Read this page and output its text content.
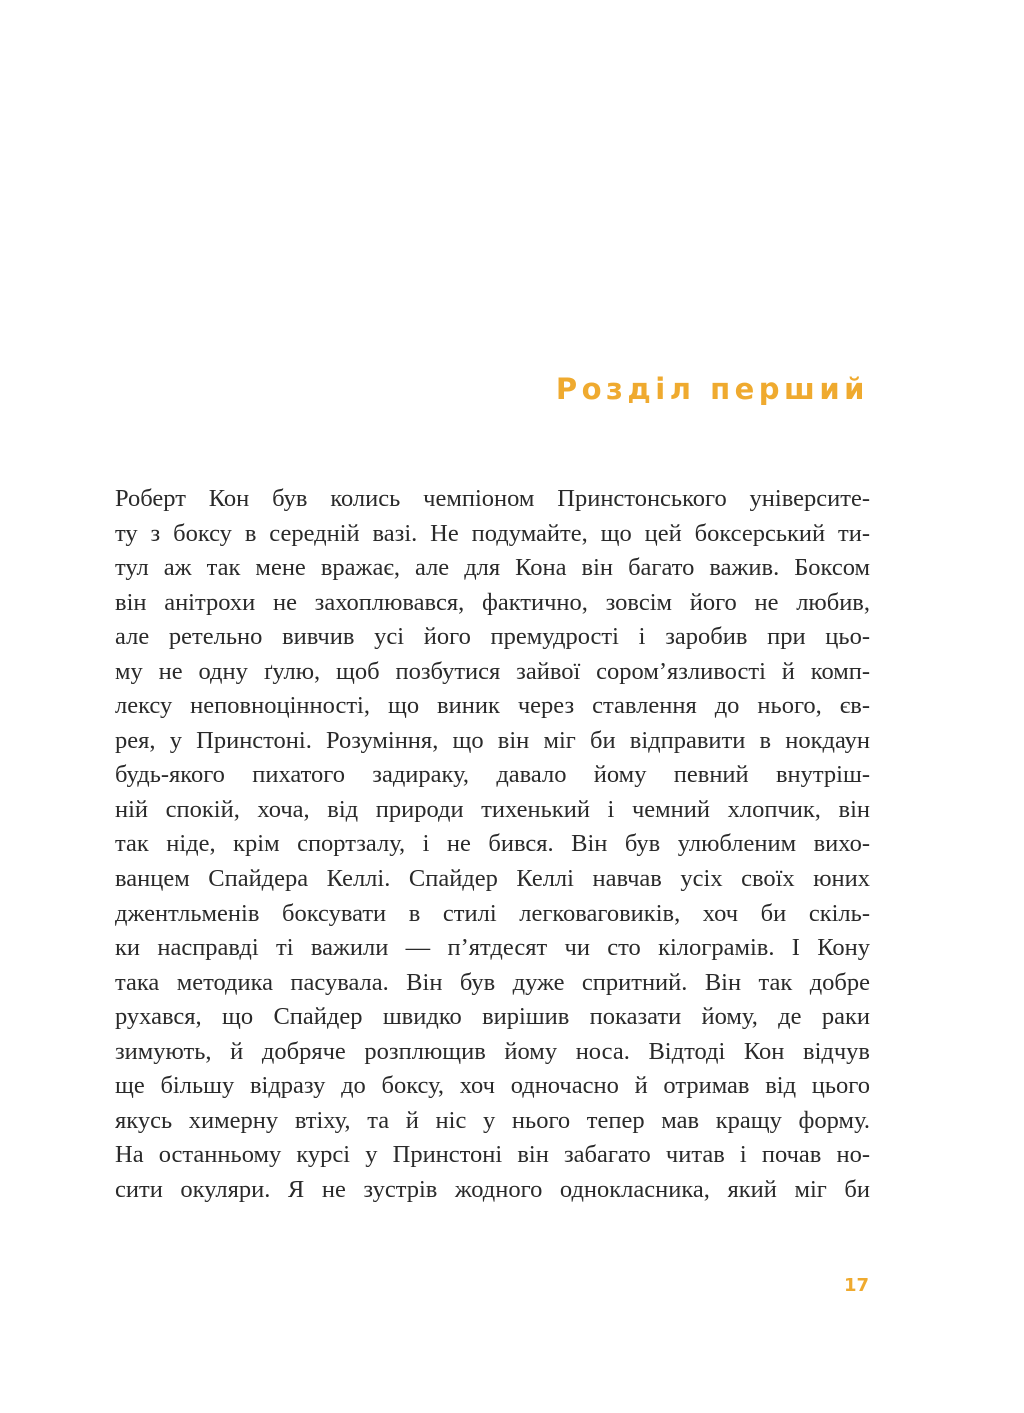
Розділ перший
Роберт Кон був колись чемпіоном Принстонського університе-
ту з боксу в середній вазі. Не подумайте, що цей боксерський ти-
тул аж так мене вражає, але для Кона він багато важив. Боксом
він анітрохи не захоплювався, фактично, зовсім його не любив,
але ретельно вивчив усі його премудрості і заробив при цьо-
му не одну ґулю, щоб позбутися зайвої сором’язливості й комп-
лексу неповноцінності, що виник через ставлення до нього, єв-
рея, у Принстоні. Розуміння, що він міг би відправити в нокдаун
будь-якого пихатого задираку, давало йому певний внутріш-
ній спокій, хоча, від природи тихенький і чемний хлопчик, він
так ніде, крім спортзалу, і не бився. Він був улюбленим вихо-
ванцем Спайдера Келлі. Спайдер Келлі навчав усіх своїх юних
джентльменів боксувати в стилі легковаговиків, хоч би скіль-
ки насправді ті важили — п’ятдесят чи сто кілограмів. І Кону
така методика пасувала. Він був дуже спритний. Він так добре
рухався, що Спайдер швидко вирішив показати йому, де раки
зимують, й добряче розплющив йому носа. Відтоді Кон відчув
ще більшу відразу до боксу, хоч одночасно й отримав від цього
якусь химерну втіху, та й ніс у нього тепер мав кращу форму.
На останньому курсі у Принстоні він забагато читав і почав но-
сити окуляри. Я не зустрів жодного однокласника, який міг би
17
